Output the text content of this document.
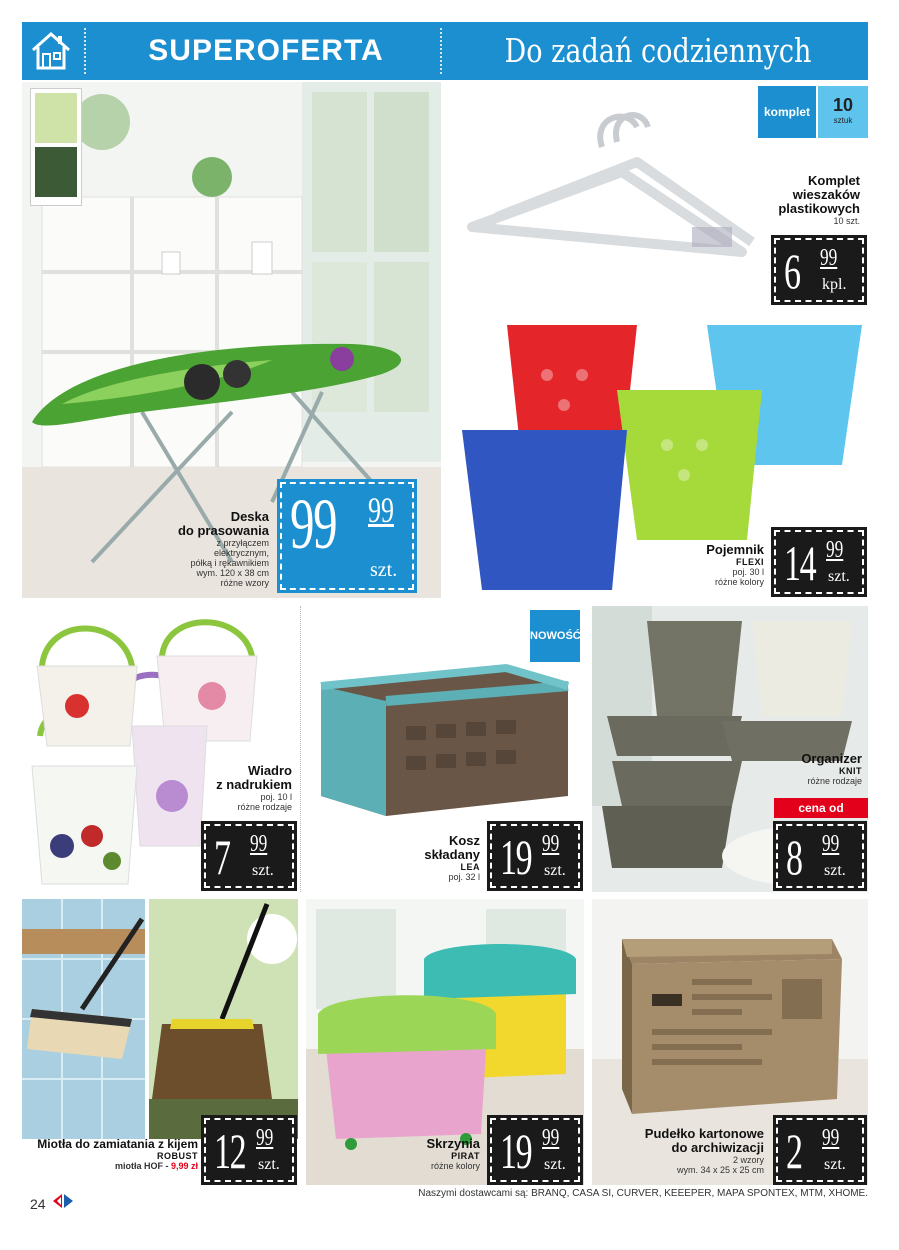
SUPEROFERTA	Do zadań codziennych
Deska
do prasowania
z przyłączem
elektrycznym,
półką i rękawnikiem
wym. 120 x 38 cm
różne wzory
99 99
szt.
komplet	10
sztuk
Komplet
wieszaków
plastikowych
10 szt.
6 99
kpl.
Pojemnik
FLEXI
poj. 30 l
różne kolory 14 99
szt.
Wiadro
z nadrukiem
poj. 10 l
różne rodzaje
7 99
szt.
NOWOŚĆ
Kosz
składany
LEA
poj. 32 l 19 99
szt.
Organizer
KNIT
różne rodzaje
cena od
8 99
szt.
Miotła do zamiatania z kijem
ROBUST
miotła HOF - 9,99 zł 12 99
szt.
Skrzynia
PIRAT
różne kolory 19 99
szt.
Pudełko kartonowe
do archiwizacji
2 wzory
wym. 34 x 25 x 25 cm 2 99
szt.
Naszymi dostawcami są: BRANQ, CASA SI, CURVER, KEEEPER, MAPA SPONTEX, MTM, XHOME.
24
